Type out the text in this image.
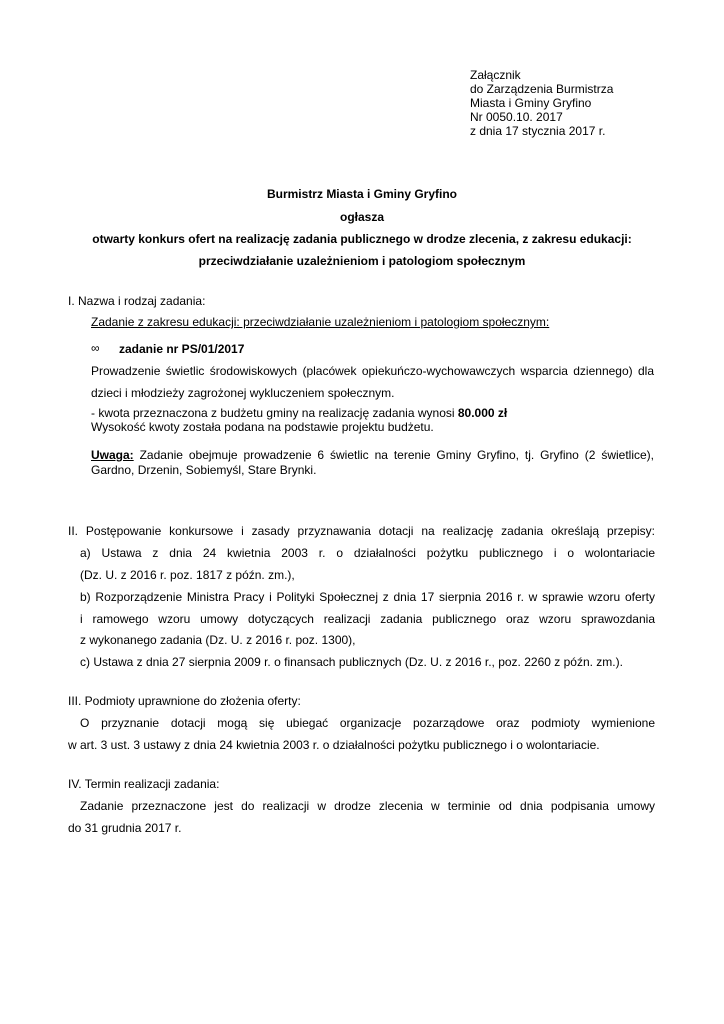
Załącznik
do Zarządzenia Burmistrza
Miasta i Gminy Gryfino
Nr 0050.10. 2017
z dnia 17 stycznia 2017 r.
Burmistrz Miasta i Gminy Gryfino
ogłasza
otwarty konkurs ofert na realizację zadania publicznego w drodze zlecenia, z zakresu edukacji:
przeciwdziałanie uzależnieniom i patologiom społecznym
I. Nazwa i rodzaj zadania:
Zadanie z zakresu edukacji: przeciwdziałanie uzależnieniom i patologiom społecznym:
∞ zadanie nr PS/01/2017
Prowadzenie świetlic środowiskowych (placówek opiekuńczo-wychowawczych wsparcia dziennego) dla
dzieci i młodzieży zagrożonej wykluczeniem społecznym.
- kwota przeznaczona z budżetu gminy na realizację zadania wynosi 80.000 zł
Wysokość kwoty została podana na podstawie projektu budżetu.
Uwaga: Zadanie obejmuje prowadzenie 6 świetlic na terenie Gminy Gryfino, tj. Gryfino (2 świetlice),
Gardno, Drzenin, Sobiemyśl, Stare Brynki.
II. Postępowanie konkursowe i zasady przyznawania dotacji na realizację zadania określają przepisy:
a) Ustawa z dnia 24 kwietnia 2003 r. o działalności pożytku publicznego i o wolontariacie
(Dz. U. z 2016 r. poz. 1817 z późn. zm.),
b) Rozporządzenie Ministra Pracy i Polityki Społecznej z dnia 17 sierpnia 2016 r. w sprawie wzoru oferty
i ramowego wzoru umowy dotyczących realizacji zadania publicznego oraz wzoru sprawozdania
z wykonanego zadania (Dz. U. z 2016 r. poz. 1300),
c) Ustawa z dnia 27 sierpnia 2009 r. o finansach publicznych (Dz. U. z 2016 r., poz. 2260 z późn. zm.).
III. Podmioty uprawnione do złożenia oferty:
O przyznanie dotacji mogą się ubiegać organizacje pozarządowe oraz podmioty wymienione
w art. 3 ust. 3 ustawy z dnia 24 kwietnia 2003 r. o działalności pożytku publicznego i o wolontariacie.
IV. Termin realizacji zadania:
Zadanie przeznaczone jest do realizacji w drodze zlecenia w terminie od dnia podpisania umowy
do 31 grudnia 2017 r.
